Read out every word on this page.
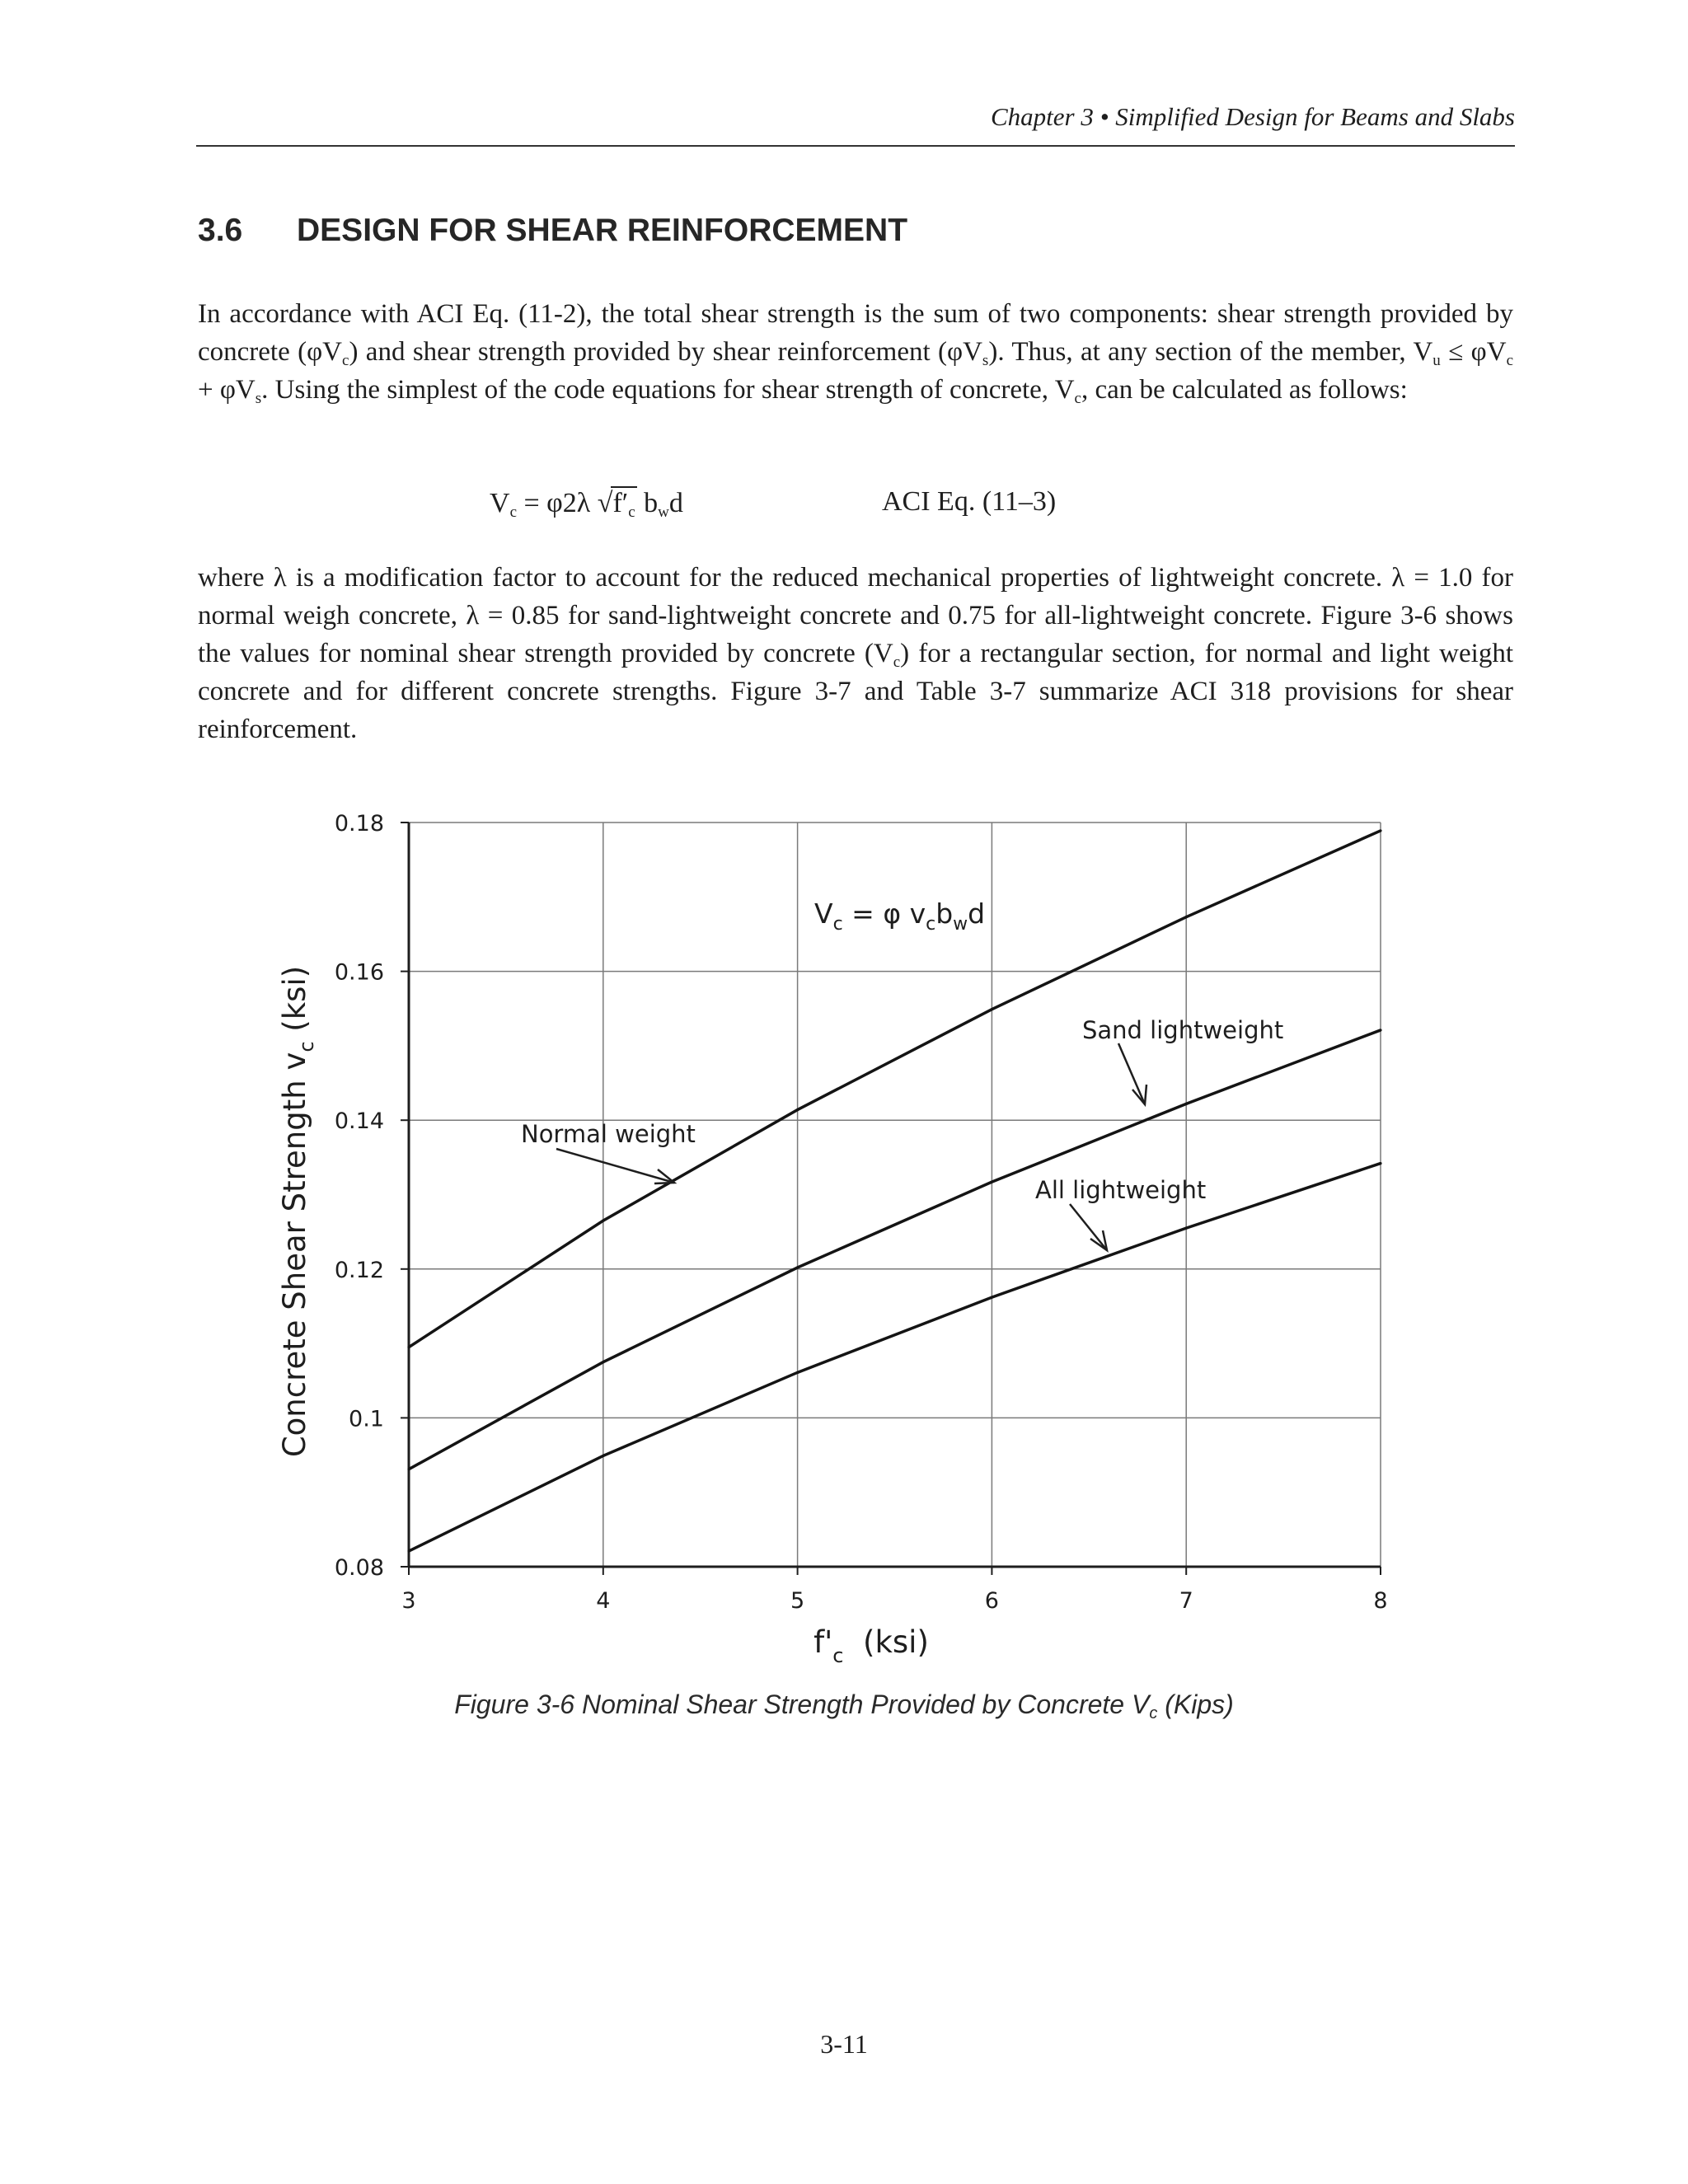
Chapter 3 • Simplified Design for Beams and Slabs
3.6 DESIGN FOR SHEAR REINFORCEMENT
In accordance with ACI Eq. (11-2), the total shear strength is the sum of two components: shear strength provided by concrete $(\varphi V_c)$ and shear strength provided by shear reinforcement $(\varphi V_s)$. Thus, at any section of the member, $V_u \le \varphi V_c + \varphi V_s$. Using the simplest of the code equations for shear strength of concrete, $V_c$, can be calculated as follows:
$V_c = \varphi 2\lambda$ $√f'_c$ $b_wd$	ACI Eq. (11–3)
where λ is a modification factor to account for the reduced mechanical properties of lightweight concrete. λ = 1.0 for normal weigh concrete, λ = 0.85 for sand-lightweight concrete and 0.75 for all-lightweight concrete. Figure 3-6 shows the values for nominal shear strength provided by concrete $(V_c)$ for a rectangular section, for normal and light weight concrete and for different concrete strengths. Figure 3-7 and Table 3-7 summarize ACI 318 provisions for shear reinforcement.
3	4	5	6	7	8
0.08
0.1
0.12
0.14
0.16
0.18
Concrete Shear Strength $v_c$ (ksi)
$f'_c$  (ksi)
$V_c = \varphi$ $v_cb_wd$
Normal weight
Sand lightweight
All lightweight
Figure 3-6 Nominal Shear Strength Provided by Concrete $V_c$ (Kips)
3-11
